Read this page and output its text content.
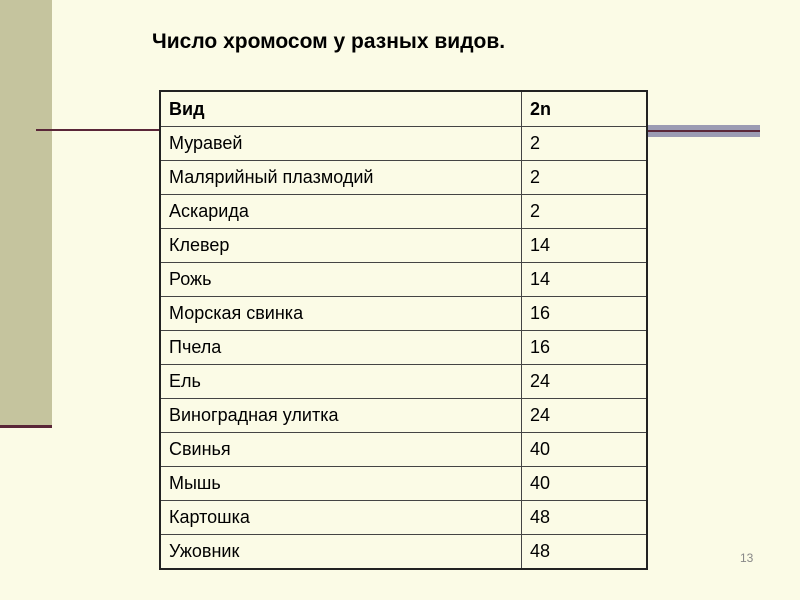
Число хромосом у разных видов.
Вид	2n
Муравей	2
Малярийный плазмодий	2
Аскарида	2
Клевер	14
Рожь	14
Морская свинка	16
Пчела	16
Ель	24
Виноградная улитка	24
Свинья	40
Мышь	40
Картошка	48
Ужовник	48	13
